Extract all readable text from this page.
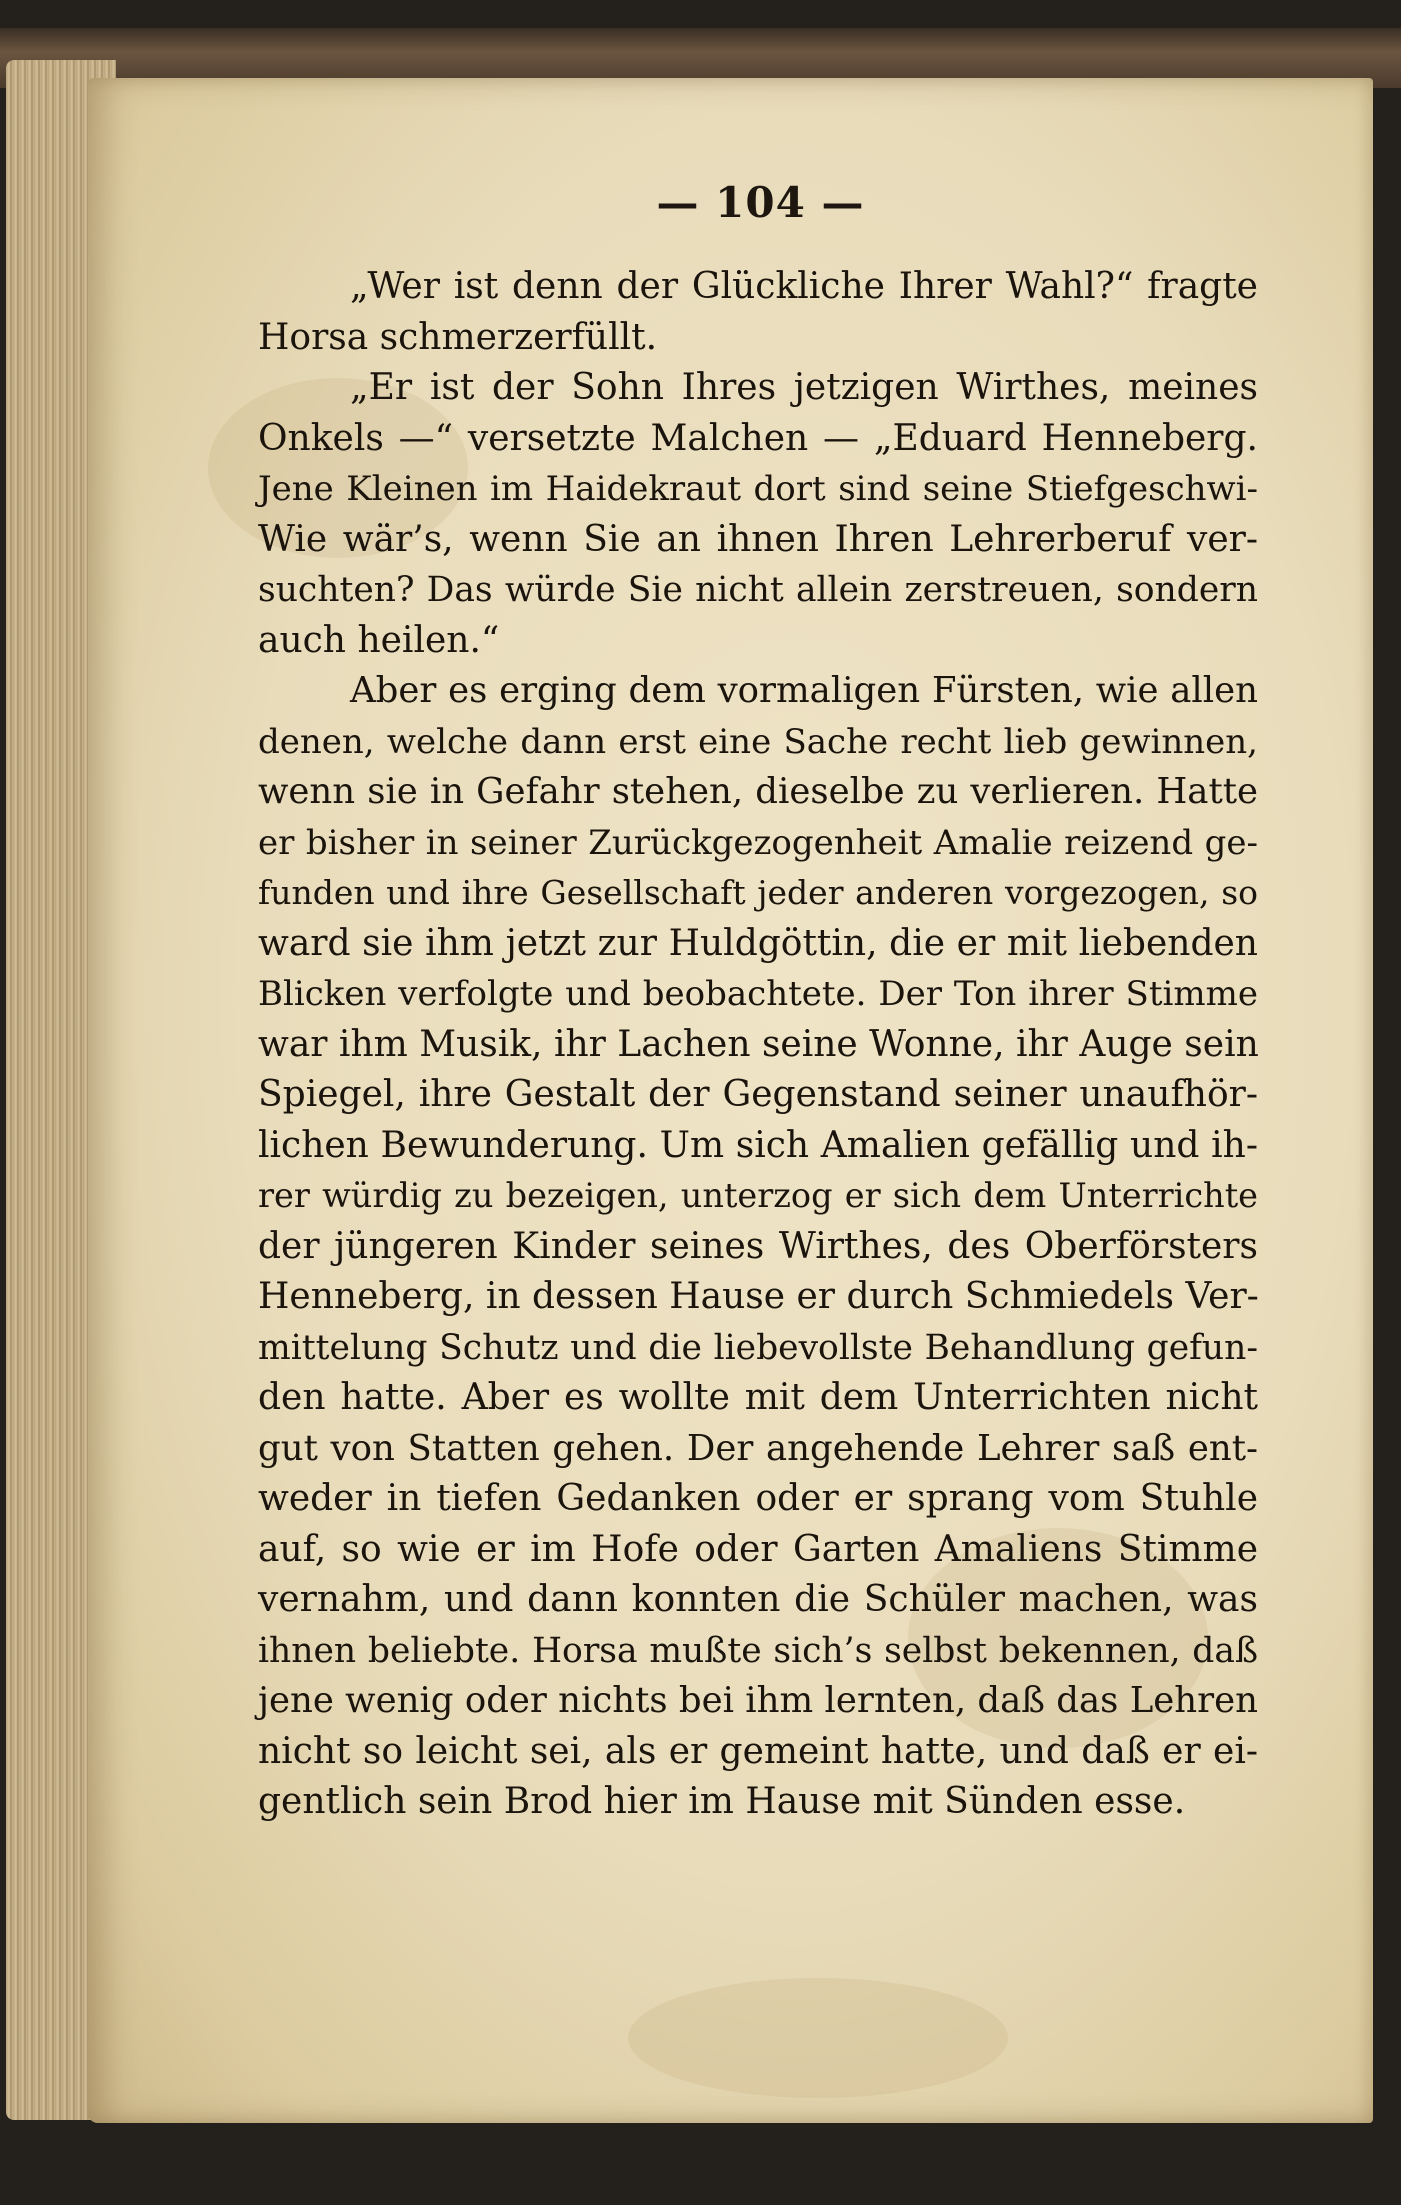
— 104 —
„Wer ist denn der Glückliche Ihrer Wahl?“ fragte
Horsa schmerzerfüllt.
„Er ist der Sohn Ihres jetzigen Wirthes, meines
Onkels —“ versetzte Malchen — „Eduard Henneberg.
Jene Kleinen im Haidekraut dort sind seine Stiefgeschwi-
Wie wär’s, wenn Sie an ihnen Ihren Lehrerberuf ver-
suchten? Das würde Sie nicht allein zerstreuen, sondern
auch heilen.“
Aber es erging dem vormaligen Fürsten, wie allen
denen, welche dann erst eine Sache recht lieb gewinnen,
wenn sie in Gefahr stehen, dieselbe zu verlieren. Hatte
er bisher in seiner Zurückgezogenheit Amalie reizend ge-
funden und ihre Gesellschaft jeder anderen vorgezogen, so
ward sie ihm jetzt zur Huldgöttin, die er mit liebenden
Blicken verfolgte und beobachtete. Der Ton ihrer Stimme
war ihm Musik, ihr Lachen seine Wonne, ihr Auge sein
Spiegel, ihre Gestalt der Gegenstand seiner unaufhör-
lichen Bewunderung. Um sich Amalien gefällig und ih-
rer würdig zu bezeigen, unterzog er sich dem Unterrichte
der jüngeren Kinder seines Wirthes, des Oberförsters
Henneberg, in dessen Hause er durch Schmiedels Ver-
mittelung Schutz und die liebevollste Behandlung gefun-
den hatte. Aber es wollte mit dem Unterrichten nicht
gut von Statten gehen. Der angehende Lehrer saß ent-
weder in tiefen Gedanken oder er sprang vom Stuhle
auf, so wie er im Hofe oder Garten Amaliens Stimme
vernahm, und dann konnten die Schüler machen, was
ihnen beliebte. Horsa mußte sich’s selbst bekennen, daß
jene wenig oder nichts bei ihm lernten, daß das Lehren
nicht so leicht sei, als er gemeint hatte, und daß er ei-
gentlich sein Brod hier im Hause mit Sünden esse.
